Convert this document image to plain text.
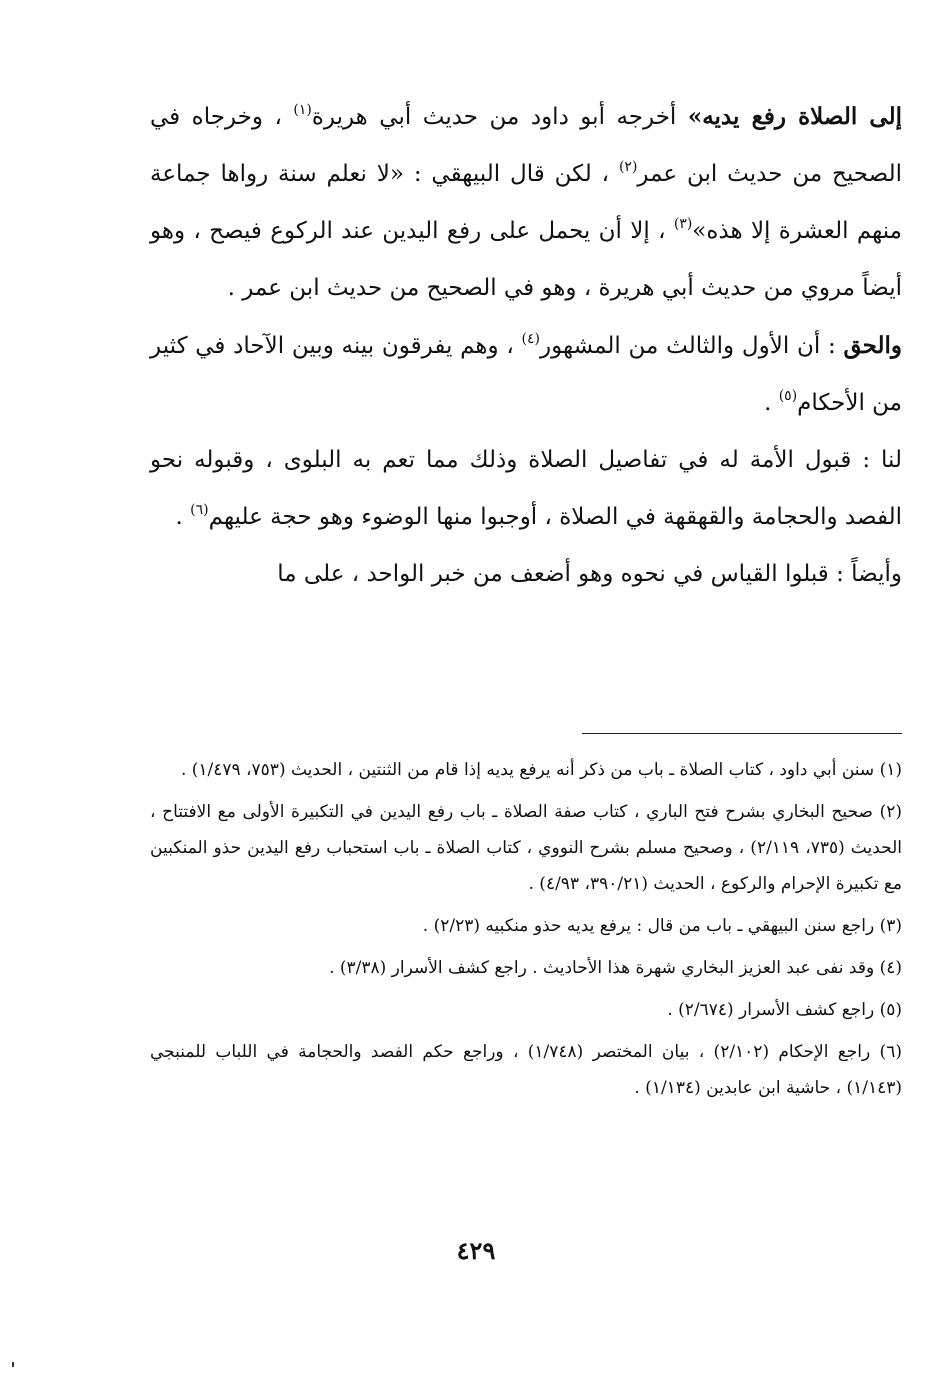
إلى الصلاة رفع يديه» أخرجه أبو داود من حديث أبي هريرة$^{(١)}$ ، وخرجاه في الصحيح من حديث ابن عمر$^{(٢)}$ ، لكن قال البيهقي : «لا نعلم سنة رواها جماعة منهم العشرة إلا هذه»$^{(٣)}$ ، إلا أن يحمل على رفع اليدين عند الركوع فيصح ، وهو أيضاً مروي من حديث أبي هريرة ، وهو في الصحيح من حديث ابن عمر .

والحق : أن الأول والثالث من المشهور$^{(٤)}$ ، وهم يفرقون بينه وبين الآحاد في كثير من الأحكام$^{(٥)}$ .

لنا : قبول الأمة له في تفاصيل الصلاة وذلك مما تعم به البلوى ، وقبوله نحو الفصد والحجامة والقهقهة في الصلاة ، أوجبوا منها الوضوء وهو حجة عليهم$^{(٦)}$ .

وأيضاً : قبلوا القياس في نحوه وهو أضعف من خبر الواحد ، على ما

(١) سنن أبي داود ، كتاب الصلاة ـ باب من ذكر أنه يرفع يديه إذا قام من الثنتين ، الحديث (٧٥٣، ١/٤٧٩) .

(٢) صحيح البخاري بشرح فتح الباري ، كتاب صفة الصلاة ـ باب رفع اليدين في التكبيرة الأولى مع الافتتاح ، الحديث (٧٣٥، ٢/١١٩) ، وصحيح مسلم بشرح النووي ، كتاب الصلاة ـ باب استحباب رفع اليدين حذو المنكبين مع تكبيرة الإحرام والركوع ، الحديث (٣٩٠/٢١، ٤/٩٣) .

(٣) راجع سنن البيهقي ـ باب من قال : يرفع يديه حذو منكبيه (٢/٢٣) .

(٤) وقد نفى عبد العزيز البخاري شهرة هذا الأحاديث . راجع كشف الأسرار (٣/٣٨) .

(٥) راجع كشف الأسرار (٢/٦٧٤) .

(٦) راجع الإحكام (٢/١٠٢) ، بيان المختصر (١/٧٤٨) ، وراجع حكم الفصد والحجامة في اللباب للمنبجي (١/١٤٣) ، حاشية ابن عابدين (١/١٣٤) .

٤٢٩
